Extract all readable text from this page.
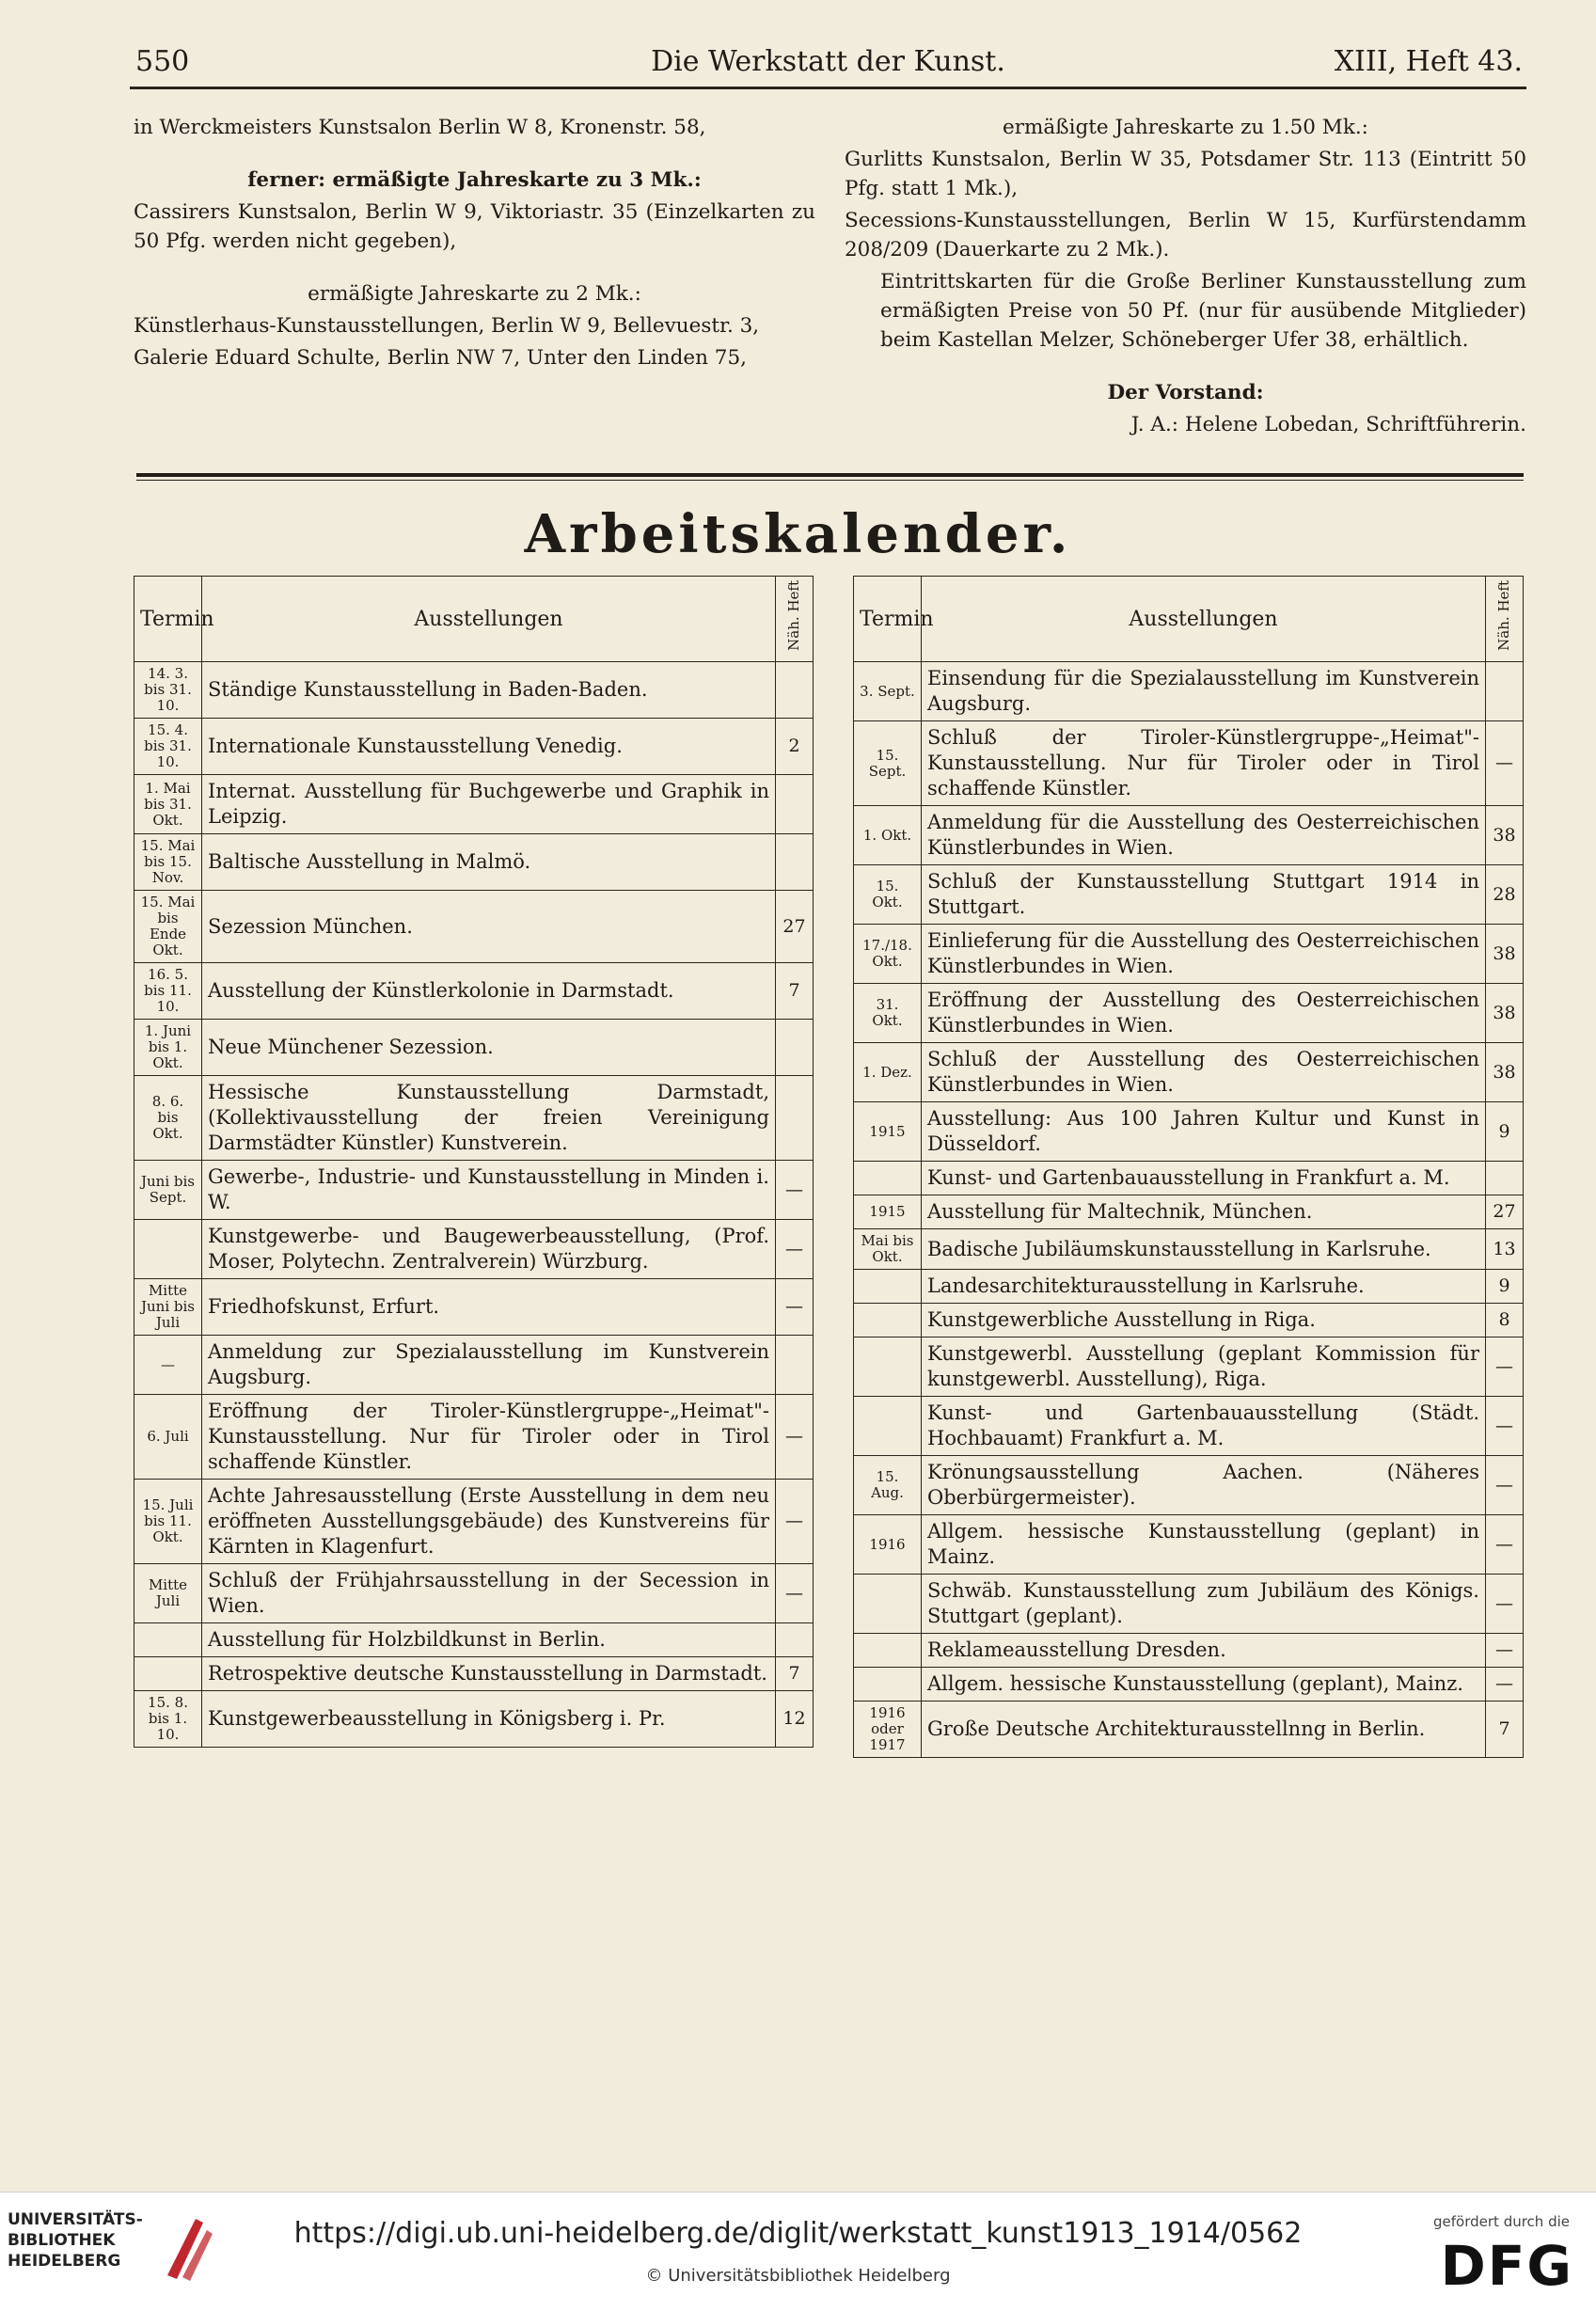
550	Die Werkstatt der Kunst.	XIII, Heft 43.

in Werckmeisters Kunstsalon Berlin W 8, Kronenstr. 58,

ferner: ermäßigte Jahreskarte zu 3 Mk.:

Cassirers Kunstsalon, Berlin W 9, Viktoriastr. 35 (Einzelkarten zu 50 Pfg. werden nicht gegeben),

ermäßigte Jahreskarte zu 2 Mk.:

Künstlerhaus-Kunstausstellungen, Berlin W 9, Bellevuestr. 3,

Galerie Eduard Schulte, Berlin NW 7, Unter den Linden 75,

ermäßigte Jahreskarte zu 1.50 Mk.:

Gurlitts Kunstsalon, Berlin W 35, Potsdamer Str. 113 (Eintritt 50 Pfg. statt 1 Mk.),

Secessions-Kunstausstellungen, Berlin W 15, Kurfürstendamm 208/209 (Dauerkarte zu 2 Mk.).

Eintrittskarten für die Große Berliner Kunstausstellung zum ermäßigten Preise von 50 Pf. (nur für ausübende Mitglieder) beim Kastellan Melzer, Schöneberger Ufer 38, erhältlich.

Der Vorstand:

J. A.: Helene Lobedan, Schriftführerin.

Arbeitskalender.
Termin	Ausstellungen	Näh. Heft
14. 3. bis 31. 10.	Ständige Kunstausstellung in Baden-Baden.	
15. 4. bis 31. 10.	Internationale Kunstausstellung Venedig.	2
1. Mai bis 31. Okt.	Internat. Ausstellung für Buchgewerbe und Graphik in Leipzig.	
15. Mai bis 15. Nov.	Baltische Ausstellung in Malmö.	
15. Mai bis Ende Okt.	Sezession München.	27
16. 5. bis 11. 10.	Ausstellung der Künstlerkolonie in Darmstadt.	7
1. Juni bis 1. Okt.	Neue Münchener Sezession.	
8. 6. bis Okt.	Hessische Kunstausstellung Darmstadt, (Kollektivausstellung der freien Vereinigung Darmstädter Künstler) Kunstverein.	
Juni bis Sept.	Gewerbe-, Industrie- und Kunstausstellung in Minden i. W.	—
	Kunstgewerbe- und Baugewerbeausstellung, (Prof. Moser, Polytechn. Zentralverein) Würzburg.	—
Mitte Juni bis Juli	Friedhofskunst, Erfurt.	—
—	Anmeldung zur Spezialausstellung im Kunstverein Augsburg.	
6. Juli	Eröffnung der Tiroler-Künstlergruppe-„Heimat"-Kunstausstellung. Nur für Tiroler oder in Tirol schaffende Künstler.	—
15. Juli bis 11. Okt.	Achte Jahresausstellung (Erste Ausstellung in dem neu eröffneten Ausstellungsgebäude) des Kunstvereins für Kärnten in Klagenfurt.	—
Mitte Juli	Schluß der Frühjahrsausstellung in der Secession in Wien.	—
	Ausstellung für Holzbildkunst in Berlin.	
	Retrospektive deutsche Kunstausstellung in Darmstadt.	7
15. 8. bis 1. 10.	Kunstgewerbeausstellung in Königsberg i. Pr.	12
Termin	Ausstellungen	Näh. Heft
3. Sept.	Einsendung für die Spezialausstellung im Kunstverein Augsburg.	
15. Sept.	Schluß der Tiroler-Künstlergruppe-„Heimat"-Kunstausstellung. Nur für Tiroler oder in Tirol schaffende Künstler.	—
1. Okt.	Anmeldung für die Ausstellung des Oesterreichischen Künstlerbundes in Wien.	38
15. Okt.	Schluß der Kunstausstellung Stuttgart 1914 in Stuttgart.	28
17./18. Okt.	Einlieferung für die Ausstellung des Oesterreichischen Künstlerbundes in Wien.	38
31. Okt.	Eröffnung der Ausstellung des Oesterreichischen Künstlerbundes in Wien.	38
1. Dez.	Schluß der Ausstellung des Oesterreichischen Künstlerbundes in Wien.	38
1915	Ausstellung: Aus 100 Jahren Kultur und Kunst in Düsseldorf.	9
	Kunst- und Gartenbauausstellung in Frankfurt a. M.	
1915	Ausstellung für Maltechnik, München.	27
Mai bis Okt.	Badische Jubiläumskunstausstellung in Karlsruhe.	13
	Landesarchitekturausstellung in Karlsruhe.	9
	Kunstgewerbliche Ausstellung in Riga.	8
	Kunstgewerbl. Ausstellung (geplant Kommission für kunstgewerbl. Ausstellung), Riga.	—
	Kunst- und Gartenbauausstellung (Städt. Hochbauamt) Frankfurt a. M.	—
15. Aug.	Krönungsausstellung Aachen. (Näheres Oberbürgermeister).	—
1916	Allgem. hessische Kunstausstellung (geplant) in Mainz.	—
	Schwäb. Kunstausstellung zum Jubiläum des Königs. Stuttgart (geplant).	—
	Reklameausstellung Dresden.	—
	Allgem. hessische Kunstausstellung (geplant), Mainz.	—
1916 oder 1917	Große Deutsche Architekturausstellnng in Berlin.	7
UNIVERSITÄTS-
BIBLIOTHEK
HEIDELBERG
https://digi.ub.uni-heidelberg.de/diglit/werkstatt_kunst1913_1914/0562
© Universitätsbibliothek Heidelberg
gefördert durch die
DFG
